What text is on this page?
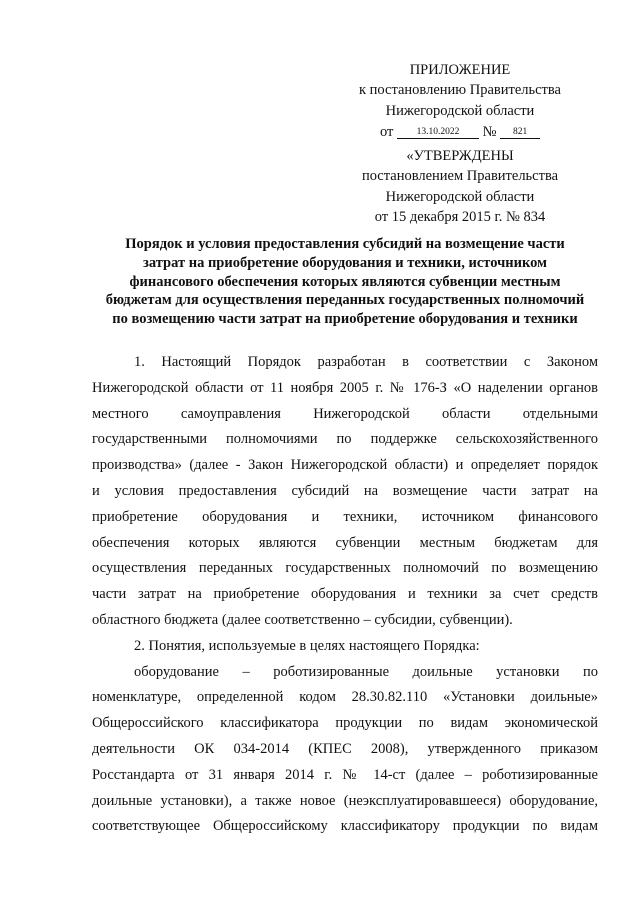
ПРИЛОЖЕНИЕ
к постановлению Правительства
Нижегородской области
от 13.10.2022 № 821
«УТВЕРЖДЕНЫ
постановлением Правительства
Нижегородской области
от 15 декабря 2015 г. № 834
Порядок и условия предоставления субсидий на возмещение части
затрат на приобретение оборудования и техники, источником
финансового обеспечения которых являются субвенции местным
бюджетам для осуществления переданных государственных полномочий
по возмещению части затрат на приобретение оборудования и техники
1. Настоящий Порядок разработан в соответствии с Законом
Нижегородской области от 11 ноября 2005 г. № 176-З «О наделении органов
местного самоуправления Нижегородской области отдельными
государственными полномочиями по поддержке сельскохозяйственного
производства» (далее - Закон Нижегородской области) и определяет порядок
и условия предоставления субсидий на возмещение части затрат на
приобретение оборудования и техники, источником финансового
обеспечения которых являются субвенции местным бюджетам для
осуществления переданных государственных полномочий по возмещению
части затрат на приобретение оборудования и техники за счет средств
областного бюджета (далее соответственно – субсидии, субвенции).
2. Понятия, используемые в целях настоящего Порядка:
оборудование – роботизированные доильные установки по
номенклатуре, определенной кодом 28.30.82.110 «Установки доильные»
Общероссийского классификатора продукции по видам экономической
деятельности ОК 034-2014 (КПЕС 2008), утвержденного приказом
Росстандарта от 31 января 2014 г. № 14-ст (далее – роботизированные
доильные установки), а также новое (неэксплуатировавшееся) оборудование,
соответствующее Общероссийскому классификатору продукции по видам
